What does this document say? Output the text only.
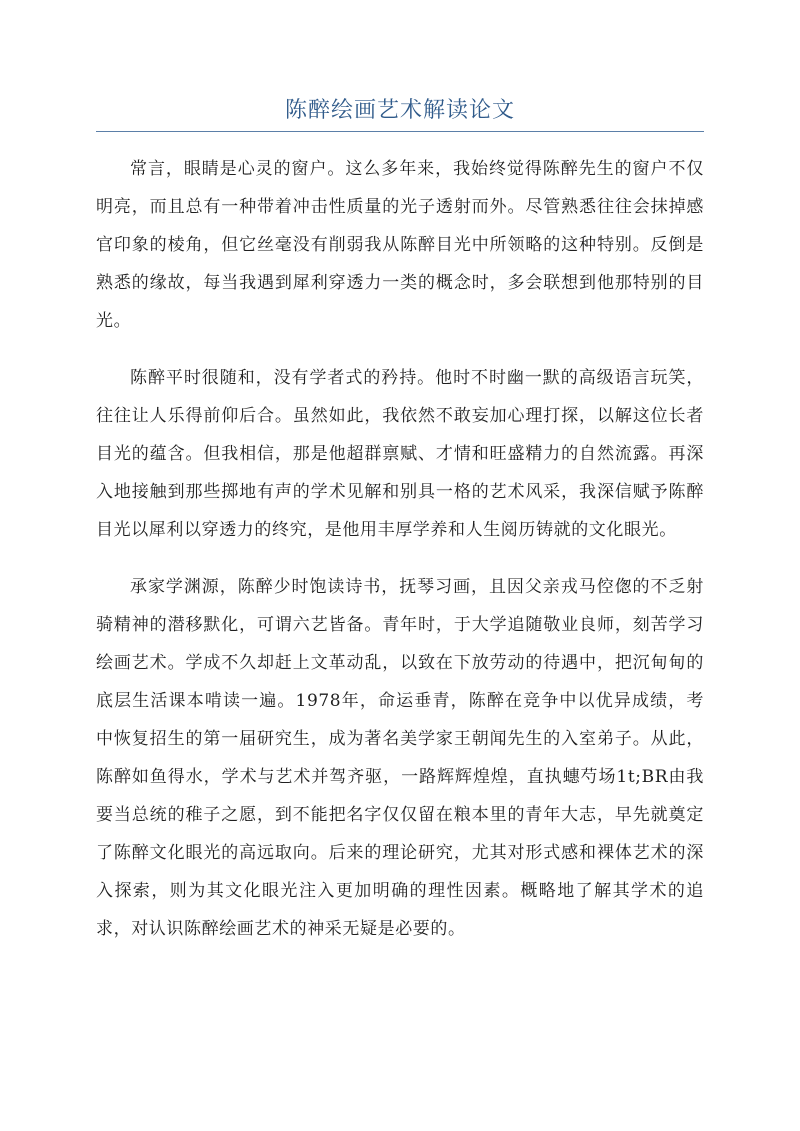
陈醉绘画艺术解读论文

常言，眼睛是心灵的窗户。这么多年来，我始终觉得陈醉先生的窗户不仅明亮，而且总有一种带着冲击性质量的光子透射而外。尽管熟悉往往会抹掉感官印象的棱角，但它丝毫没有削弱我从陈醉目光中所领略的这种特别。反倒是熟悉的缘故，每当我遇到犀利穿透力一类的概念时，多会联想到他那特别的目光。

陈醉平时很随和，没有学者式的矜持。他时不时幽一默的高级语言玩笑，往往让人乐得前仰后合。虽然如此，我依然不敢妄加心理打探，以解这位长者目光的蕴含。但我相信，那是他超群禀赋、才情和旺盛精力的自然流露。再深入地接触到那些掷地有声的学术见解和别具一格的艺术风采，我深信赋予陈醉目光以犀利以穿透力的终究，是他用丰厚学养和人生阅历铸就的文化眼光。

承家学渊源，陈醉少时饱读诗书，抚琴习画，且因父亲戎马倥偬的不乏射骑精神的潜移默化，可谓六艺皆备。青年时，于大学追随敬业良师，刻苦学习绘画艺术。学成不久却赶上文革动乱，以致在下放劳动的待遇中，把沉甸甸的底层生活课本啃读一遍。1978年，命运垂青，陈醉在竞争中以优异成绩，考中恢复招生的第一届研究生，成为著名美学家王朝闻先生的入室弟子。从此，陈醉如鱼得水，学术与艺术并驾齐驱，一路辉辉煌煌，直执蟪芍场1t;BR由我要当总统的稚子之愿，到不能把名字仅仅留在粮本里的青年大志，早先就奠定了陈醉文化眼光的高远取向。后来的理论研究，尤其对形式感和裸体艺术的深入探索，则为其文化眼光注入更加明确的理性因素。概略地了解其学术的追求，对认识陈醉绘画艺术的神采无疑是必要的。
